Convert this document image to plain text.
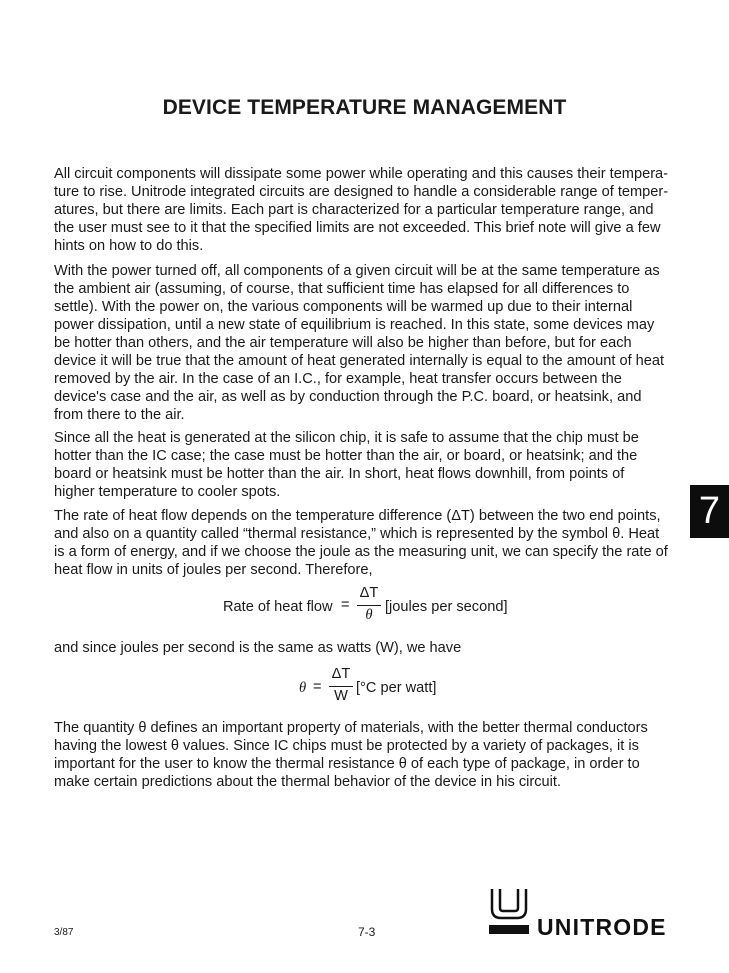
DEVICE TEMPERATURE MANAGEMENT
All circuit components will dissipate some power while operating and this causes their tempera-
ture to rise. Unitrode integrated circuits are designed to handle a considerable range of temper-
atures, but there are limits. Each part is characterized for a particular temperature range, and
the user must see to it that the specified limits are not exceeded. This brief note will give a few
hints on how to do this.
With the power turned off, all components of a given circuit will be at the same temperature as
the ambient air (assuming, of course, that sufficient time has elapsed for all differences to
settle). With the power on, the various components will be warmed up due to their internal
power dissipation, until a new state of equilibrium is reached. In this state, some devices may
be hotter than others, and the air temperature will also be higher than before, but for each
device it will be true that the amount of heat generated internally is equal to the amount of heat
removed by the air. In the case of an I.C., for example, heat transfer occurs between the
device's case and the air, as well as by conduction through the P.C. board, or heatsink, and
from there to the air.
Since all the heat is generated at the silicon chip, it is safe to assume that the chip must be
hotter than the IC case; the case must be hotter than the air, or board, or heatsink; and the
board or heatsink must be hotter than the air. In short, heat flows downhill, from points of
higher temperature to cooler spots.
The rate of heat flow depends on the temperature difference (ΔT) between the two end points,
and also on a quantity called “thermal resistance,” which is represented by the symbol θ. Heat
is a form of energy, and if we choose the joule as the measuring unit, we can specify the rate of
heat flow in units of joules per second. Therefore,
7
Rate of heat flow =
ΔT
θ [joules per second]
and since joules per second is the same as watts (W), we have
θ =
ΔT
W [°C per watt]
The quantity θ defines an important property of materials, with the better thermal conductors
having the lowest θ values. Since IC chips must be protected by a variety of packages, it is
important for the user to know the thermal resistance θ of each type of package, in order to
make certain predictions about the thermal behavior of the device in his circuit.
3/87	7-3	UNITRODE
